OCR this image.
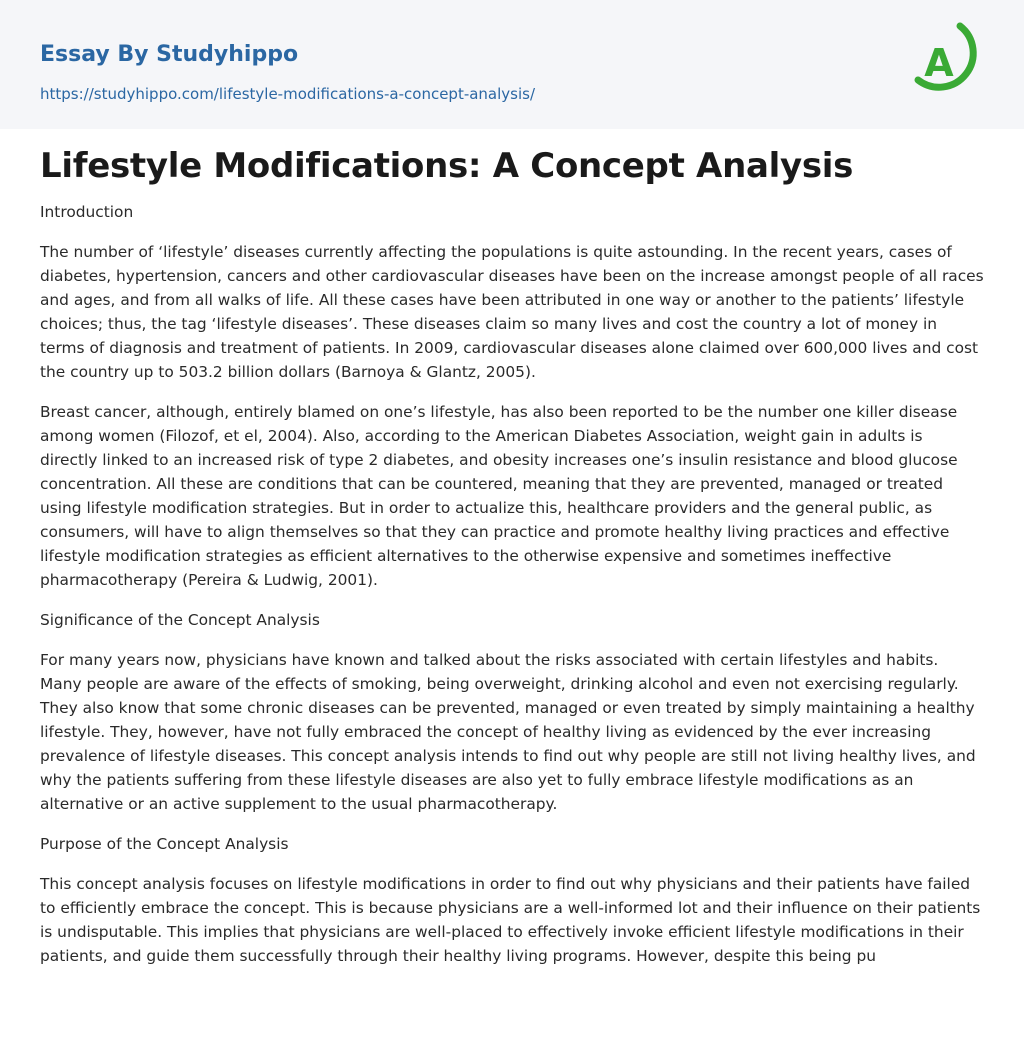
Essay By Studyhippo
https://studyhippo.com/lifestyle-modifications-a-concept-analysis/
A
Lifestyle Modifications: A Concept Analysis

Introduction

The number of ‘lifestyle’ diseases currently affecting the populations is quite astounding. In the recent years, cases of diabetes, hypertension, cancers and other cardiovascular diseases have been on the increase amongst people of all races and ages, and from all walks of life. All these cases have been attributed in one way or another to the patients’ lifestyle choices; thus, the tag ‘lifestyle diseases’. These diseases claim so many lives and cost the country a lot of money in terms of diagnosis and treatment of patients. In 2009, cardiovascular diseases alone claimed over 600,000 lives and cost the country up to 503.2 billion dollars (Barnoya & Glantz, 2005).

Breast cancer, although, entirely blamed on one’s lifestyle, has also been reported to be the number one killer disease among women (Filozof, et el, 2004). Also, according to the American Diabetes Association, weight gain in adults is directly linked to an increased risk of type 2 diabetes, and obesity increases one’s insulin resistance and blood glucose concentration. All these are conditions that can be countered, meaning that they are prevented, managed or treated using lifestyle modification strategies. But in order to actualize this, healthcare providers and the general public, as consumers, will have to align themselves so that they can practice and promote healthy living practices and effective lifestyle modification strategies as efficient alternatives to the otherwise expensive and sometimes ineffective pharmacotherapy (Pereira & Ludwig, 2001).

Significance of the Concept Analysis

For many years now, physicians have known and talked about the risks associated with certain lifestyles and habits. Many people are aware of the effects of smoking, being overweight, drinking alcohol and even not exercising regularly. They also know that some chronic diseases can be prevented, managed or even treated by simply maintaining a healthy lifestyle. They, however, have not fully embraced the concept of healthy living as evidenced by the ever increasing prevalence of lifestyle diseases. This concept analysis intends to find out why people are still not living healthy lives, and why the patients suffering from these lifestyle diseases are also yet to fully embrace lifestyle modifications as an alternative or an active supplement to the usual pharmacotherapy.

Purpose of the Concept Analysis

This concept analysis focuses on lifestyle modifications in order to find out why physicians and their patients have failed to efficiently embrace the concept. This is because physicians are a well-informed lot and their influence on their patients is undisputable. This implies that physicians are well-placed to effectively invoke efficient lifestyle modifications in their patients, and guide them successfully through their healthy living programs. However, despite this being pu
